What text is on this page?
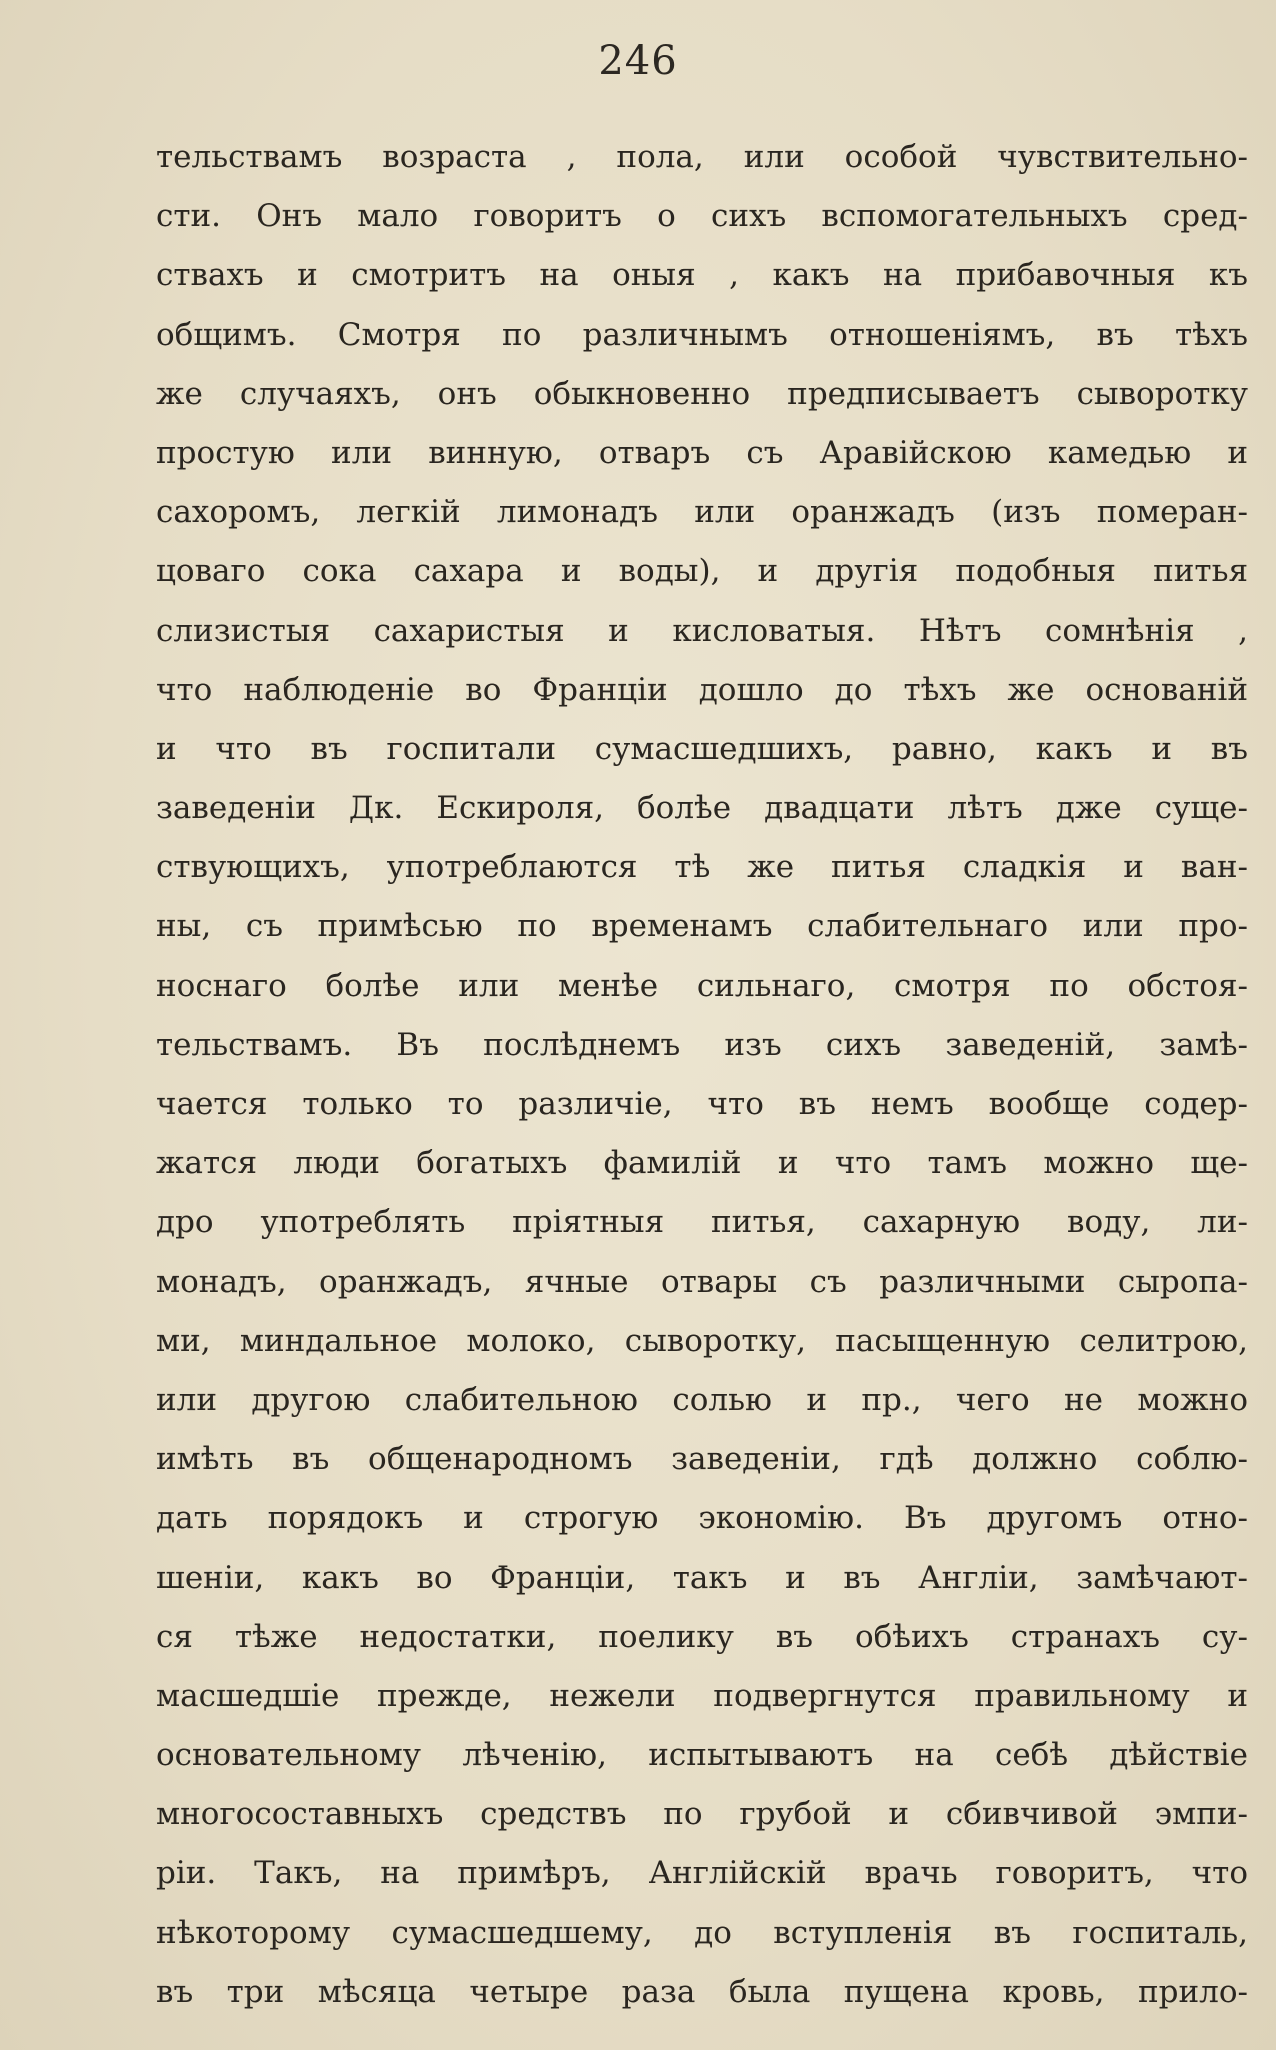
246
тельствамъ возраста , пола, или особой чувствительно-
сти. Онъ мало говоритъ о сихъ вспомогательныхъ сред-
ствахъ и смотритъ на оныя , какъ на прибавочныя къ
общимъ. Смотря по различнымъ отношеніямъ, въ тѣхъ
же случаяхъ, онъ обыкновенно предписываетъ сыворотку
простую или винную, отваръ съ Аравійскою камедью и
сахоромъ, легкій лимонадъ или оранжадъ (изъ померан-
цоваго сока сахара и воды), и другія подобныя питья
слизистыя сахаристыя и кисловатыя. Нѣтъ сомнѣнія ,
что наблюденіе во Франціи дошло до тѣхъ же основаній
и что въ госпитали сумасшедшихъ, равно, какъ и въ
заведеніи Дк. Ескироля, болѣе двадцати лѣтъ дже суще-
ствующихъ, употреблаются тѣ же питья сладкія и ван-
ны, съ примѣсью по временамъ слабительнаго или про-
носнаго болѣе или менѣе сильнаго, смотря по обстоя-
тельствамъ. Въ послѣднемъ изъ сихъ заведеній, замѣ-
чается только то различіе, что въ немъ вообще содер-
жатся люди богатыхъ фамилій и что тамъ можно ще-
дро употреблять пріятныя питья, сахарную воду, ли-
монадъ, оранжадъ, ячные отвары съ различными сыропа-
ми, миндальное молоко, сыворотку, пасыщенную селитрою,
или другою слабительною солью и пр., чего не можно
имѣть въ общенародномъ заведеніи, гдѣ должно соблю-
дать порядокъ и строгую экономію. Въ другомъ отно-
шеніи, какъ во Франціи, такъ и въ Англіи, замѣчают-
ся тѣже недостатки, поелику въ обѣихъ странахъ су-
масшедшіе прежде, нежели подвергнутся правильному и
основательному лѣченію, испытываютъ на себѣ дѣйствіе
многосоставныхъ средствъ по грубой и сбивчивой эмпи-
ріи. Такъ, на примѣръ, Англійскій врачь говоритъ, что
нѣкоторому сумасшедшему, до вступленія въ госпиталь,
въ три мѣсяца четыре раза была пущена кровь, прило-
